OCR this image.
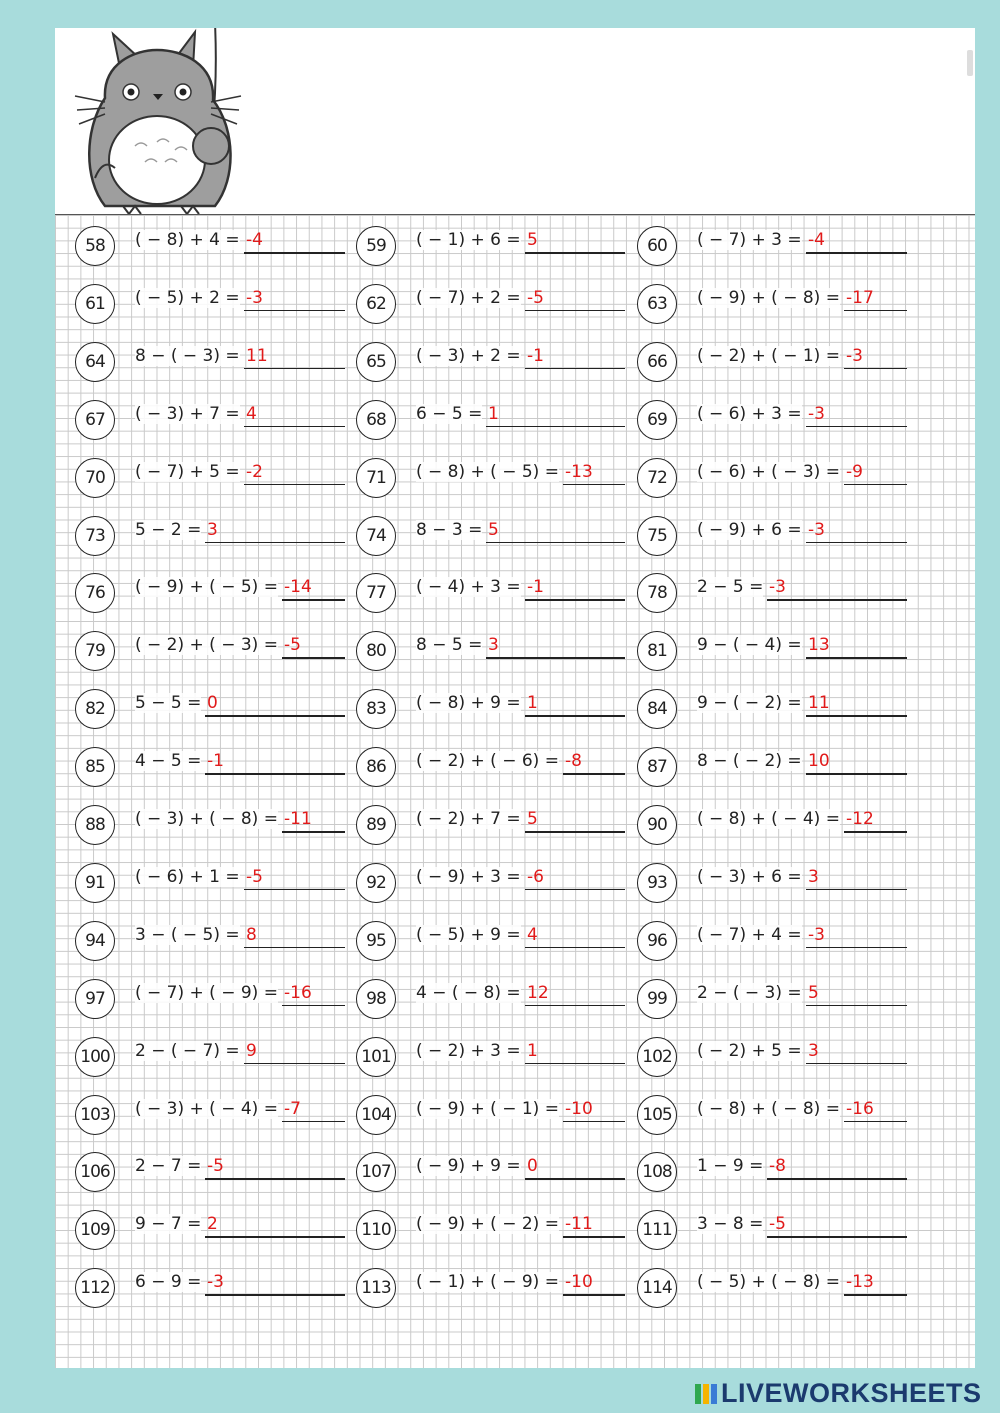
58	( − 8) + 4 = -4	59	( − 1) + 6 = 5	60	( − 7) + 3 = -4
61	( − 5) + 2 = -3	62	( − 7) + 2 = -5	63	( − 9) + ( − 8) = -17
64	8 − ( − 3) = 11	65	( − 3) + 2 = -1	66	( − 2) + ( − 1) = -3
67	( − 3) + 7 = 4	68	6 − 5 = 1	69	( − 6) + 3 = -3
70	( − 7) + 5 = -2	71	( − 8) + ( − 5) = -13	72	( − 6) + ( − 3) = -9
73	5 − 2 = 3	74	8 − 3 = 5	75	( − 9) + 6 = -3
76	( − 9) + ( − 5) = -14	77	( − 4) + 3 = -1	78	2 − 5 = -3
79	( − 2) + ( − 3) = -5	80	8 − 5 = 3	81	9 − ( − 4) = 13
82	5 − 5 = 0	83	( − 8) + 9 = 1	84	9 − ( − 2) = 11
85	4 − 5 = -1	86	( − 2) + ( − 6) = -8	87	8 − ( − 2) = 10
88	( − 3) + ( − 8) = -11	89	( − 2) + 7 = 5	90	( − 8) + ( − 4) = -12
91	( − 6) + 1 = -5	92	( − 9) + 3 = -6	93	( − 3) + 6 = 3
94	3 − ( − 5) = 8	95	( − 5) + 9 = 4	96	( − 7) + 4 = -3
97	( − 7) + ( − 9) = -16	98	4 − ( − 8) = 12	99	2 − ( − 3) = 5
100	2 − ( − 7) = 9	101	( − 2) + 3 = 1	102	( − 2) + 5 = 3
103	( − 3) + ( − 4) = -7	104	( − 9) + ( − 1) = -10	105	( − 8) + ( − 8) = -16
106	2 − 7 = -5	107	( − 9) + 9 = 0	108	1 − 9 = -8
109	9 − 7 = 2	110	( − 9) + ( − 2) = -11	111	3 − 8 = -5
112	6 − 9 = -3	113	( − 1) + ( − 9) = -10	114	( − 5) + ( − 8) = -13
LIVEWORKSHEETS
